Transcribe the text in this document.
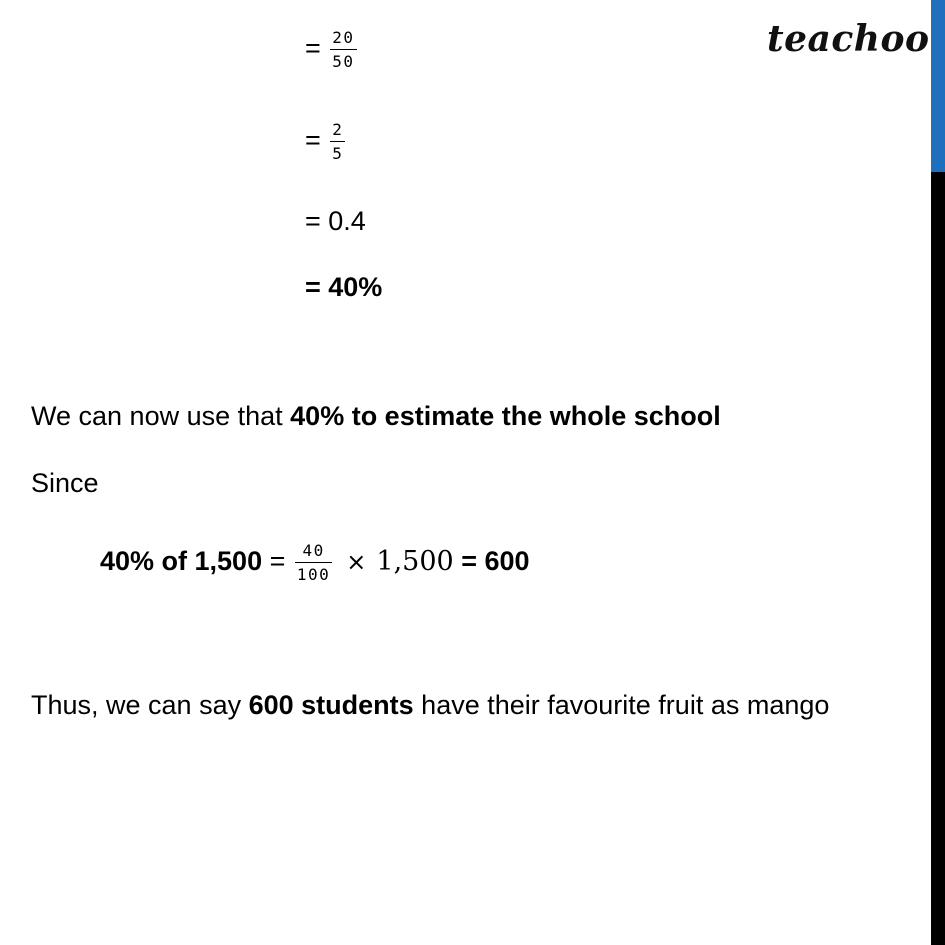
teachoo
= $\frac{20}{50}$
= $\frac{2}{5}$
= 0.4
= 40%
We can now use that 40% to estimate the whole school
Since
40% of $1,500 = \frac{40}{100} \times 1,500 = 600$
Thus, we can say 600 students have their favourite fruit as mango
